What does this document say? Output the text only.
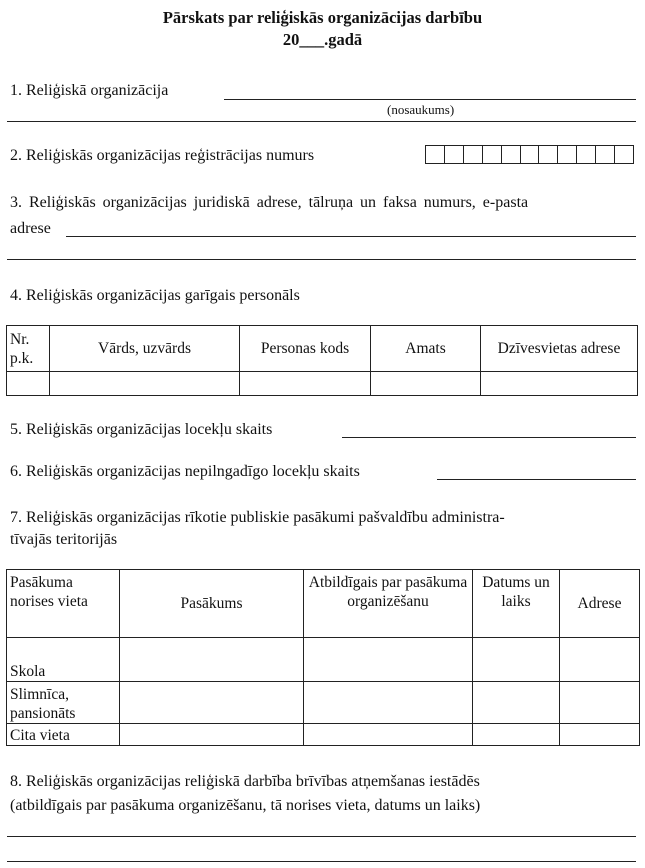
Pārskats par reliģiskās organizācijas darbību
20___.gadā
1. Reliģiskā organizācija
(nosaukums)
2. Reliģiskās organizācijas reģistrācijas numurs
3. Reliģiskās organizācijas juridiskā adrese, tālruņa un faksa numurs, e-pasta
adrese
4. Reliģiskās organizācijas garīgais personāls
Nr. p.k.	Vārds, uzvārds	Personas kods	Amats	Dzīvesvietas adrese

5. Reliģiskās organizācijas locekļu skaits
6. Reliģiskās organizācijas nepilngadīgo locekļu skaits
7. Reliģiskās organizācijas rīkotie publiskie pasākumi pašvaldību administra-
tīvajās teritorijās
Pasākuma norises vieta	Pasākums	Atbildīgais par pasākuma organizēšanu	Datums un laiks	Adrese
Skola				
Slimnīca, pansionāts				
Cita vieta				
8. Reliģiskās organizācijas reliģiskā darbība brīvības atņemšanas iestādēs
(atbildīgais par pasākuma organizēšanu, tā norises vieta, datums un laiks)
